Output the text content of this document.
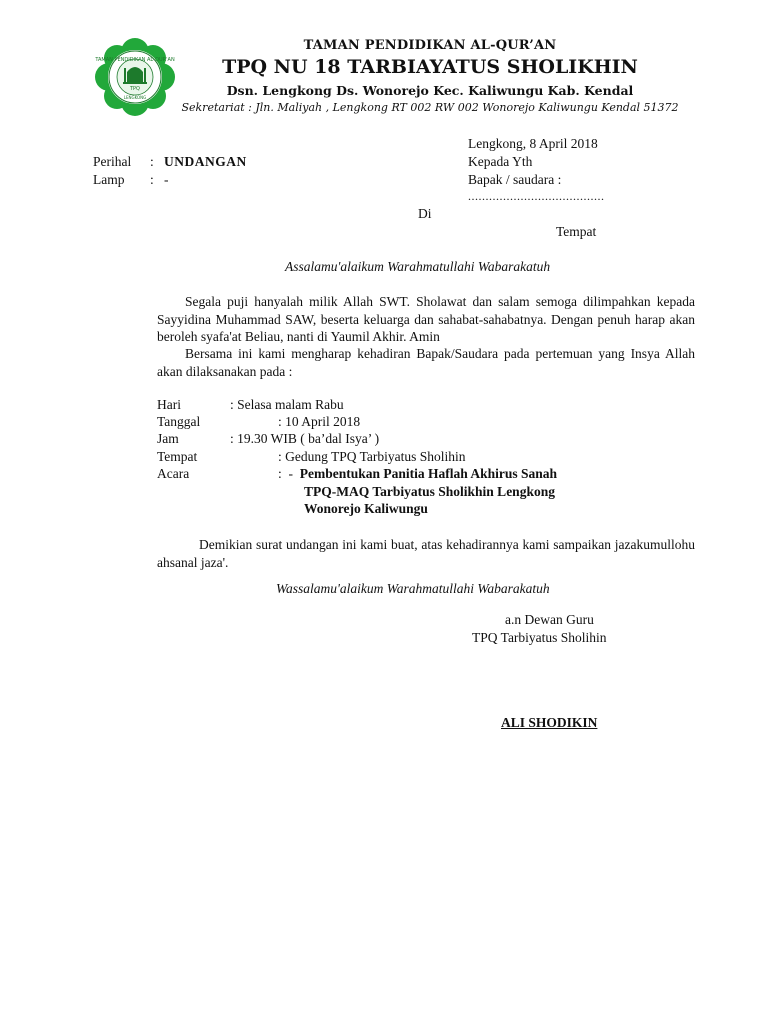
TAMAN PENDIDIKAN AL-QUR'AN
TPQ
LENGKONG
TAMAN PENDIDIKAN AL-QUR’AN
TPQ NU 18 TARBIAYATUS SHOLIKHIN
Dsn. Lengkong Ds. Wonorejo Kec. Kaliwungu Kab. Kendal
Sekretariat : Jln. Maliyah , Lengkong RT 002 RW 002 Wonorejo Kaliwungu Kendal 51372
Lengkong, 8 April 2018
Perihal : UNDANGAN
Lamp : -
Kepada Yth
Bapak / saudara :
.......................................
Di
Tempat
Assalamu'alaikum Warahmatullahi Wabarakatuh
Segala puji hanyalah milik Allah SWT. Sholawat dan salam semoga dilimpahkan kepada Sayyidina Muhammad SAW, beserta keluarga dan sahabat-sahabatnya. Dengan penuh harap akan beroleh syafa'at Beliau, nanti di Yaumil Akhir. Amin
Bersama ini kami mengharap kehadiran Bapak/Saudara pada pertemuan yang Insya Allah akan dilaksanakan pada :
Hari	: Selasa malam Rabu
Tanggal	: 10 April 2018
Jam	: 19.30 WIB ( ba’dal Isya’ )
Tempat	: Gedung TPQ Tarbiyatus Sholihin
Acara	:  -  Pembentukan Panitia Haflah Akhirus Sanah
TPQ-MAQ Tarbiyatus Sholikhin Lengkong
Wonorejo Kaliwungu
Demikian surat undangan ini kami buat, atas kehadirannya kami sampaikan jazakumullohu ahsanal jaza'.
Wassalamu'alaikum Warahmatullahi Wabarakatuh
a.n Dewan Guru
TPQ Tarbiyatus Sholihin
ALI SHODIKIN
